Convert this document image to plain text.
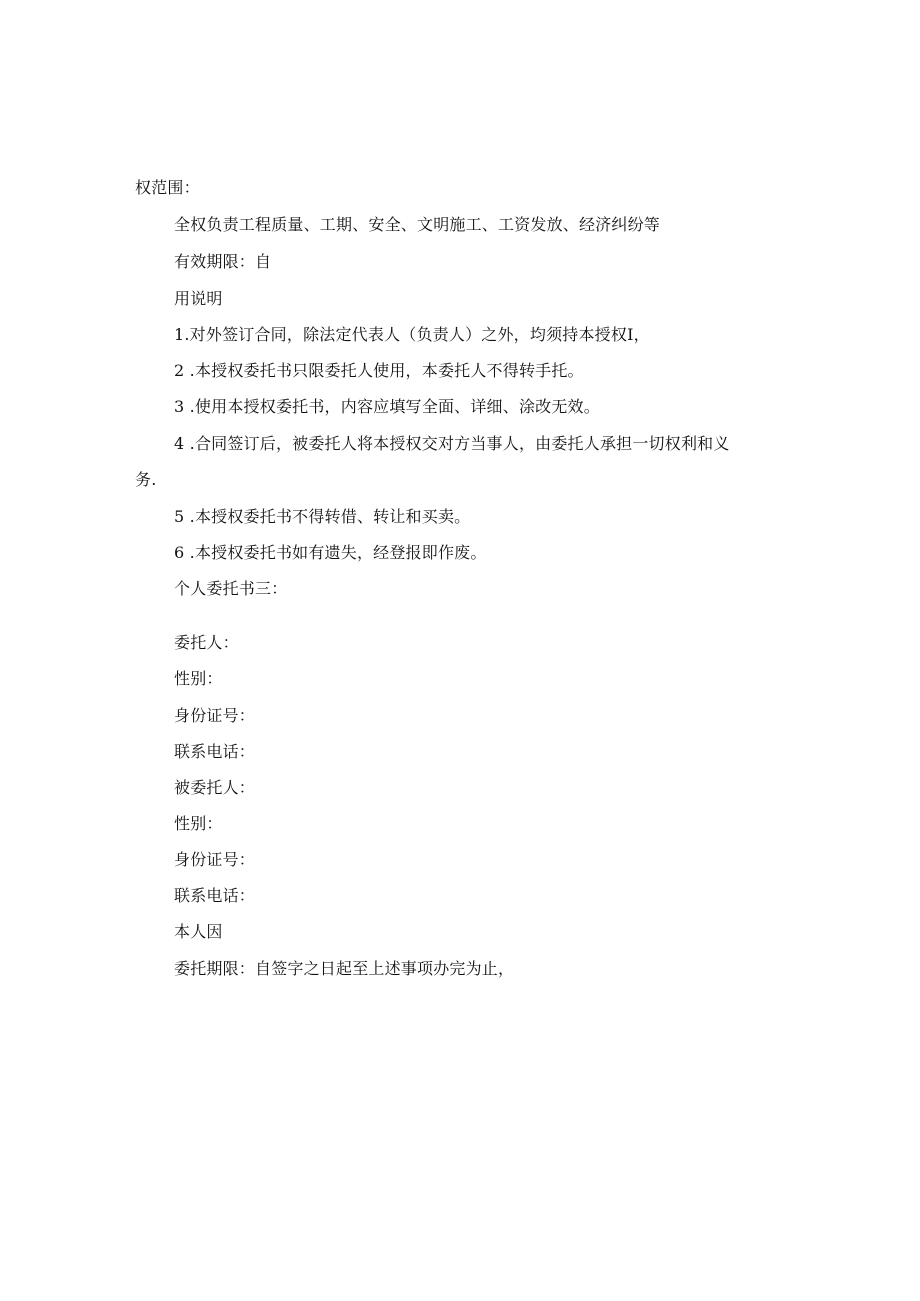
权范围：
全权负责工程质量、工期、安全、文明施工、工资发放、经济纠纷等
有效期限：自
用说明
1.对外签订合同，除法定代表人（负责人）之外，均须持本授权I，
2 .本授权委托书只限委托人使用，本委托人不得转手托。
3 .使用本授权委托书，内容应填写全面、详细、涂改无效。
4 .合同签订后，被委托人将本授权交对方当事人，由委托人承担一切权利和义
务.
5 .本授权委托书不得转借、转让和买卖。
6 .本授权委托书如有遗失，经登报即作废。
个人委托书三：
委托人：
性别：
身份证号：
联系电话：
被委托人：
性别：
身份证号：
联系电话：
本人因
委托期限：自签字之日起至上述事项办完为止，
